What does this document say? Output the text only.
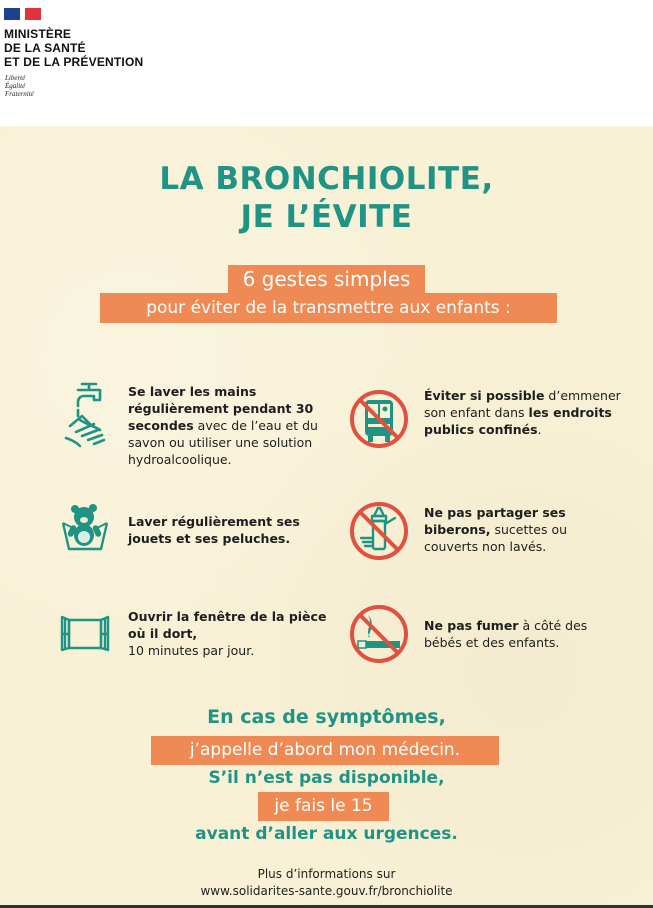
MINISTÈRE
DE LA SANTÉ
ET DE LA PRÉVENTION
Liberté
Égalité
Fraternité
LA BRONCHIOLITE,
JE L’ÉVITE
6 gestes simples
pour éviter de la transmettre aux enfants :
Se laver les mains régulièrement pendant 30 secondes avec de l’eau et du savon ou utiliser une solution hydroalcoolique.
Éviter si possible d’emmener son enfant dans les endroits publics confinés.
Laver régulièrement ses jouets et ses peluches.
Ne pas partager ses biberons, sucettes ou couverts non lavés.
Ouvrir la fenêtre de la pièce où il dort,
10 minutes par jour.
Ne pas fumer à côté des bébés et des enfants.
En cas de symptômes,
j’appelle d’abord mon médecin.
S’il n’est pas disponible,
je fais le 15
avant d’aller aux urgences.
Plus d’informations sur
www.solidarites-sante.gouv.fr/bronchiolite
